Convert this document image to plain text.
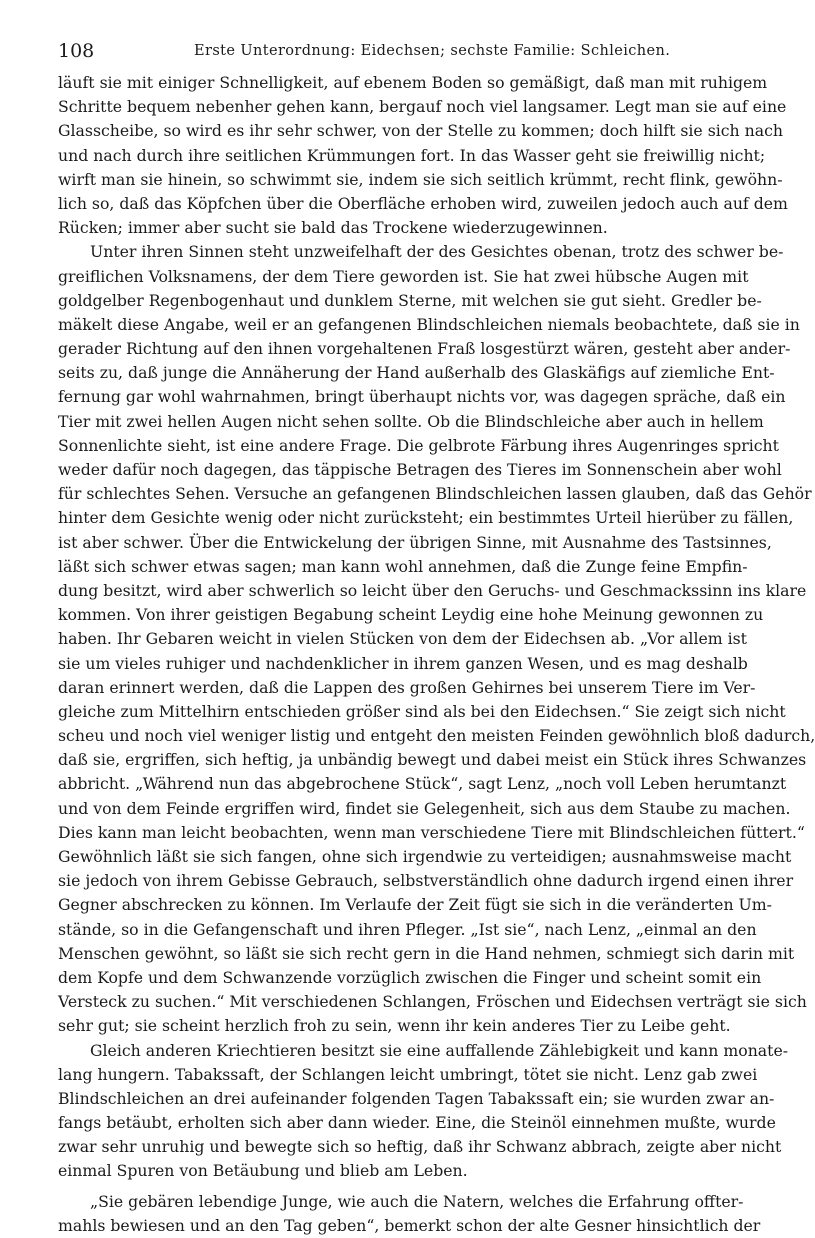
108	Erste Unterordnung: Eidechsen; sechste Familie: Schleichen.
läuft sie mit einiger Schnelligkeit, auf ebenem Boden so gemäßigt, daß man mit ruhigem
Schritte bequem nebenher gehen kann, bergauf noch viel langsamer. Legt man sie auf eine
Glasscheibe, so wird es ihr sehr schwer, von der Stelle zu kommen; doch hilft sie sich nach
und nach durch ihre seitlichen Krümmungen fort. In das Wasser geht sie freiwillig nicht;
wirft man sie hinein, so schwimmt sie, indem sie sich seitlich krümmt, recht flink, gewöhn-
lich so, daß das Köpfchen über die Oberfläche erhoben wird, zuweilen jedoch auch auf dem
Rücken; immer aber sucht sie bald das Trockene wiederzugewinnen.
Unter ihren Sinnen steht unzweifelhaft der des Gesichtes obenan, trotz des schwer be-
greiflichen Volksnamens, der dem Tiere geworden ist. Sie hat zwei hübsche Augen mit
goldgelber Regenbogenhaut und dunklem Sterne, mit welchen sie gut sieht. Gredler be-
mäkelt diese Angabe, weil er an gefangenen Blindschleichen niemals beobachtete, daß sie in
gerader Richtung auf den ihnen vorgehaltenen Fraß losgestürzt wären, gesteht aber ander-
seits zu, daß junge die Annäherung der Hand außerhalb des Glaskäfigs auf ziemliche Ent-
fernung gar wohl wahrnahmen, bringt überhaupt nichts vor, was dagegen spräche, daß ein
Tier mit zwei hellen Augen nicht sehen sollte. Ob die Blindschleiche aber auch in hellem
Sonnenlichte sieht, ist eine andere Frage. Die gelbrote Färbung ihres Augenringes spricht
weder dafür noch dagegen, das täppische Betragen des Tieres im Sonnenschein aber wohl
für schlechtes Sehen. Versuche an gefangenen Blindschleichen lassen glauben, daß das Gehör
hinter dem Gesichte wenig oder nicht zurücksteht; ein bestimmtes Urteil hierüber zu fällen,
ist aber schwer. Über die Entwickelung der übrigen Sinne, mit Ausnahme des Tastsinnes,
läßt sich schwer etwas sagen; man kann wohl annehmen, daß die Zunge feine Empfin-
dung besitzt, wird aber schwerlich so leicht über den Geruchs- und Geschmackssinn ins klare
kommen. Von ihrer geistigen Begabung scheint Leydig eine hohe Meinung gewonnen zu
haben. Ihr Gebaren weicht in vielen Stücken von dem der Eidechsen ab. „Vor allem ist
sie um vieles ruhiger und nachdenklicher in ihrem ganzen Wesen, und es mag deshalb
daran erinnert werden, daß die Lappen des großen Gehirnes bei unserem Tiere im Ver-
gleiche zum Mittelhirn entschieden größer sind als bei den Eidechsen.“ Sie zeigt sich nicht
scheu und noch viel weniger listig und entgeht den meisten Feinden gewöhnlich bloß dadurch,
daß sie, ergriffen, sich heftig, ja unbändig bewegt und dabei meist ein Stück ihres Schwanzes
abbricht. „Während nun das abgebrochene Stück“, sagt Lenz, „noch voll Leben herumtanzt
und von dem Feinde ergriffen wird, findet sie Gelegenheit, sich aus dem Staube zu machen.
Dies kann man leicht beobachten, wenn man verschiedene Tiere mit Blindschleichen füttert.“
Gewöhnlich läßt sie sich fangen, ohne sich irgendwie zu verteidigen; ausnahmsweise macht
sie jedoch von ihrem Gebisse Gebrauch, selbstverständlich ohne dadurch irgend einen ihrer
Gegner abschrecken zu können. Im Verlaufe der Zeit fügt sie sich in die veränderten Um-
stände, so in die Gefangenschaft und ihren Pfleger. „Ist sie“, nach Lenz, „einmal an den
Menschen gewöhnt, so läßt sie sich recht gern in die Hand nehmen, schmiegt sich darin mit
dem Kopfe und dem Schwanzende vorzüglich zwischen die Finger und scheint somit ein
Versteck zu suchen.“ Mit verschiedenen Schlangen, Fröschen und Eidechsen verträgt sie sich
sehr gut; sie scheint herzlich froh zu sein, wenn ihr kein anderes Tier zu Leibe geht.
Gleich anderen Kriechtieren besitzt sie eine auffallende Zählebigkeit und kann monate-
lang hungern. Tabakssaft, der Schlangen leicht umbringt, tötet sie nicht. Lenz gab zwei
Blindschleichen an drei aufeinander folgenden Tagen Tabakssaft ein; sie wurden zwar an-
fangs betäubt, erholten sich aber dann wieder. Eine, die Steinöl einnehmen mußte, wurde
zwar sehr unruhig und bewegte sich so heftig, daß ihr Schwanz abbrach, zeigte aber nicht
einmal Spuren von Betäubung und blieb am Leben.
„Sie gebären lebendige Junge, wie auch die Natern, welches die Erfahrung offter-
mahls bewiesen und an den Tag geben“, bemerkt schon der alte Gesner hinsichtlich der
